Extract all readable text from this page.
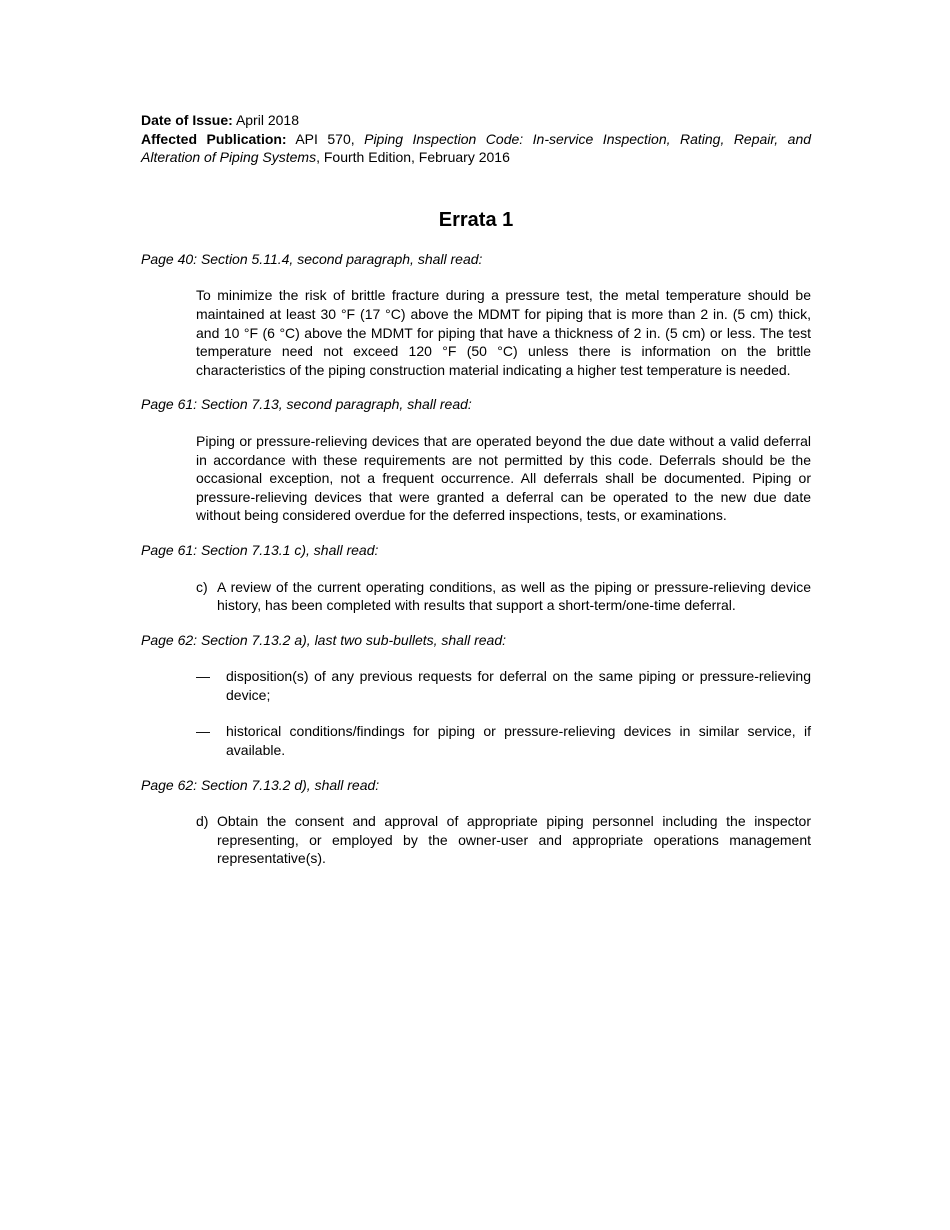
Date of Issue: April 2018

Affected Publication: API 570, Piping Inspection Code: In-service Inspection, Rating, Repair, and Alteration of Piping Systems, Fourth Edition, February 2016

Errata 1

Page 40: Section 5.11.4, second paragraph, shall read:

To minimize the risk of brittle fracture during a pressure test, the metal temperature should be maintained at least 30 °F (17 °C) above the MDMT for piping that is more than 2 in. (5 cm) thick, and 10 °F (6 °C) above the MDMT for piping that have a thickness of 2 in. (5 cm) or less. The test temperature need not exceed 120 °F (50 °C) unless there is information on the brittle characteristics of the piping construction material indicating a higher test temperature is needed.

Page 61: Section 7.13, second paragraph, shall read:

Piping or pressure-relieving devices that are operated beyond the due date without a valid deferral in accordance with these requirements are not permitted by this code. Deferrals should be the occasional exception, not a frequent occurrence. All deferrals shall be documented. Piping or pressure-relieving devices that were granted a deferral can be operated to the new due date without being considered overdue for the deferred inspections, tests, or examinations.

Page 61: Section 7.13.1 c), shall read:

c) A review of the current operating conditions, as well as the piping or pressure-relieving device history, has been completed with results that support a short-term/one-time deferral.

Page 62: Section 7.13.2 a), last two sub-bullets, shall read:

— disposition(s) of any previous requests for deferral on the same piping or pressure-relieving device;
— historical conditions/findings for piping or pressure-relieving devices in similar service, if available.

Page 62: Section 7.13.2 d), shall read:

d) Obtain the consent and approval of appropriate piping personnel including the inspector representing, or employed by the owner-user and appropriate operations management representative(s).
